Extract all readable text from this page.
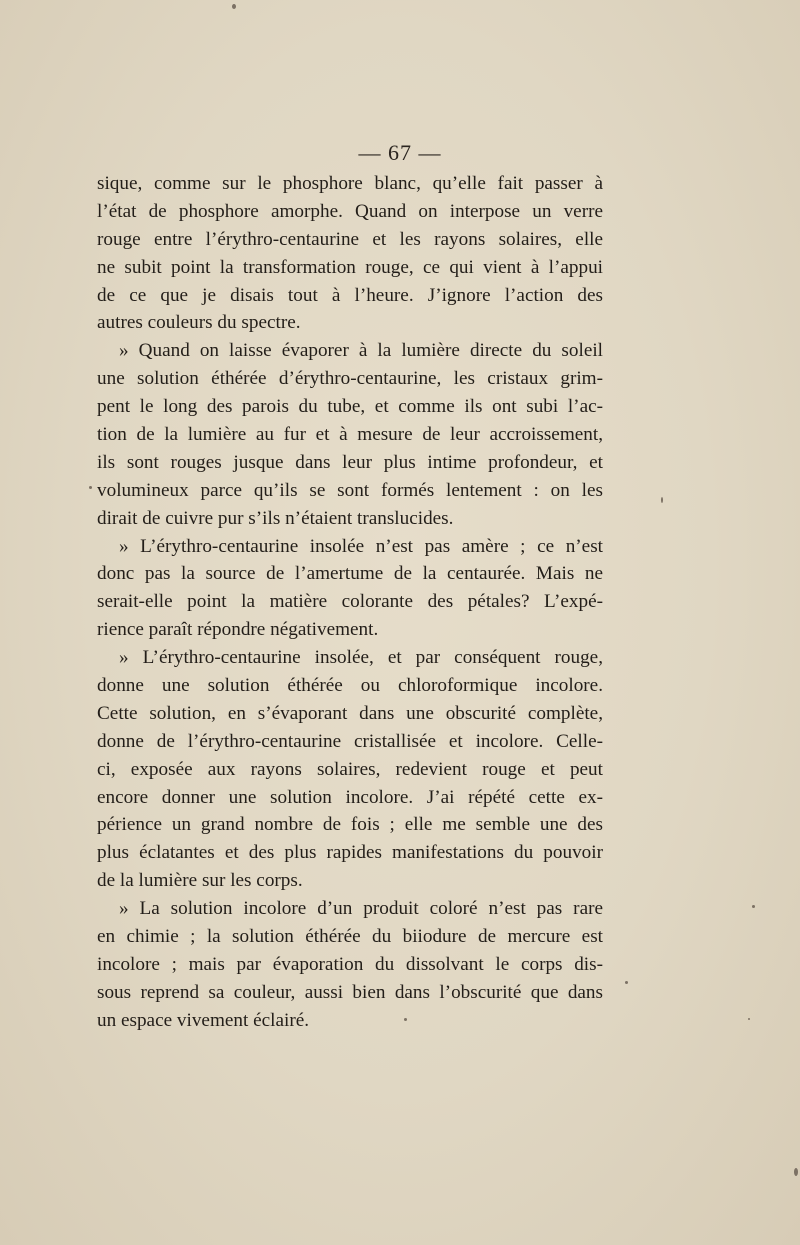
— 67 —
sique, comme sur le phosphore blanc, qu’elle fait passer à
l’état de phosphore amorphe. Quand on interpose un verre
rouge entre l’érythro-centaurine et les rayons solaires, elle
ne subit point la transformation rouge, ce qui vient à l’appui
de ce que je disais tout à l’heure. J’ignore l’action des
autres couleurs du spectre.
» Quand on laisse évaporer à la lumière directe du soleil
une solution éthérée d’érythro-centaurine, les cristaux grim-
pent le long des parois du tube, et comme ils ont subi l’ac-
tion de la lumière au fur et à mesure de leur accroissement,
ils sont rouges jusque dans leur plus intime profondeur, et
volumineux parce qu’ils se sont formés lentement : on les
dirait de cuivre pur s’ils n’étaient translucides.
» L’érythro-centaurine insolée n’est pas amère ; ce n’est
donc pas la source de l’amertume de la centaurée. Mais ne
serait-elle point la matière colorante des pétales? L’expé-
rience paraît répondre négativement.
» L’érythro-centaurine insolée, et par conséquent rouge,
donne une solution éthérée ou chloroformique incolore.
Cette solution, en s’évaporant dans une obscurité complète,
donne de l’érythro-centaurine cristallisée et incolore. Celle-
ci, exposée aux rayons solaires, redevient rouge et peut
encore donner une solution incolore. J’ai répété cette ex-
périence un grand nombre de fois ; elle me semble une des
plus éclatantes et des plus rapides manifestations du pouvoir
de la lumière sur les corps.
» La solution incolore d’un produit coloré n’est pas rare
en chimie ; la solution éthérée du biiodure de mercure est
incolore ; mais par évaporation du dissolvant le corps dis-
sous reprend sa couleur, aussi bien dans l’obscurité que dans
un espace vivement éclairé.
